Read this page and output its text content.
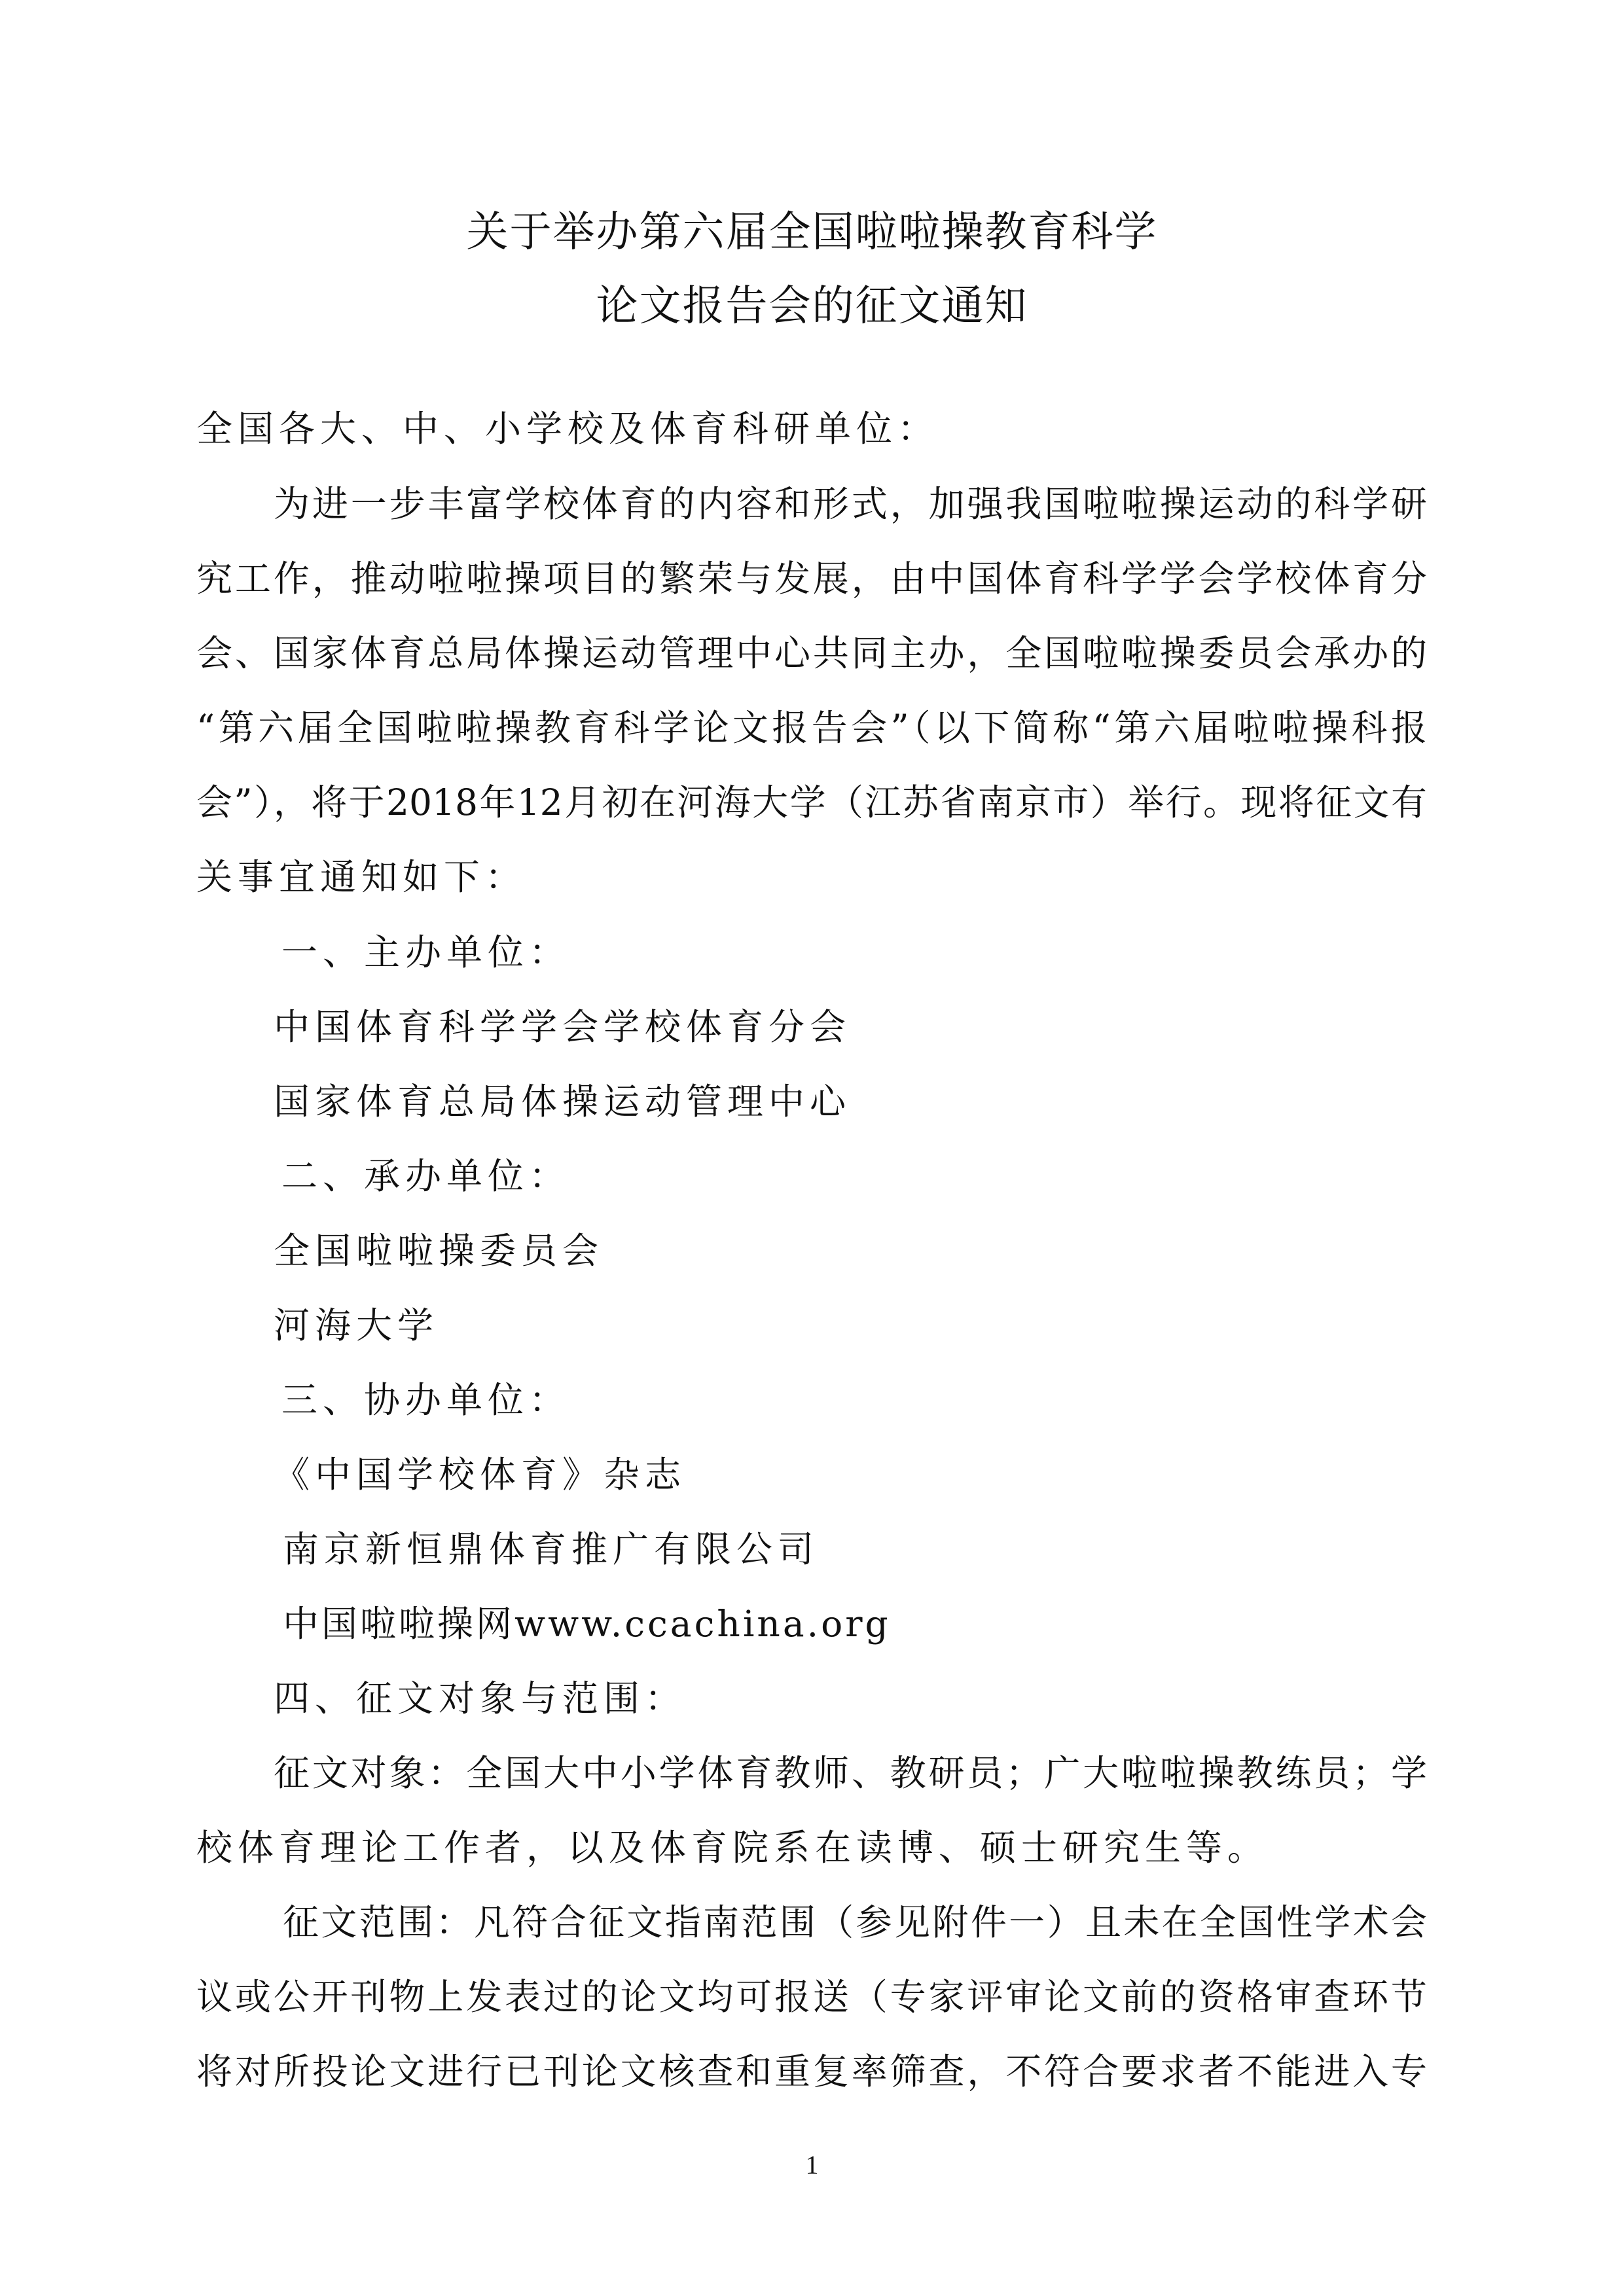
关于举办第六届全国啦啦操教育科学
论文报告会的征文通知
全国各大、中、小学校及体育科研单位：
为进一步丰富学校体育的内容和形式，加强我国啦啦操运动的科学研
究工作，推动啦啦操项目的繁荣与发展，由中国体育科学学会学校体育分
会、国家体育总局体操运动管理中心共同主办，全国啦啦操委员会承办的
“第六届全国啦啦操教育科学论文报告会”（以下简称“第六届啦啦操科报
会”），将于2018年12月初在河海大学（江苏省南京市）举行。现将征文有
关事宜通知如下：
一、主办单位：
中国体育科学学会学校体育分会
国家体育总局体操运动管理中心
二、承办单位：
全国啦啦操委员会
河海大学
三、协办单位：
《中国学校体育》杂志
南京新恒鼎体育推广有限公司
中国啦啦操网www.ccachina.org
四、征文对象与范围：
征文对象：全国大中小学体育教师、教研员；广大啦啦操教练员；学
校体育理论工作者，以及体育院系在读博、硕士研究生等。
征文范围：凡符合征文指南范围（参见附件一）且未在全国性学术会
议或公开刊物上发表过的论文均可报送（专家评审论文前的资格审查环节
将对所投论文进行已刊论文核查和重复率筛查，不符合要求者不能进入专
1
